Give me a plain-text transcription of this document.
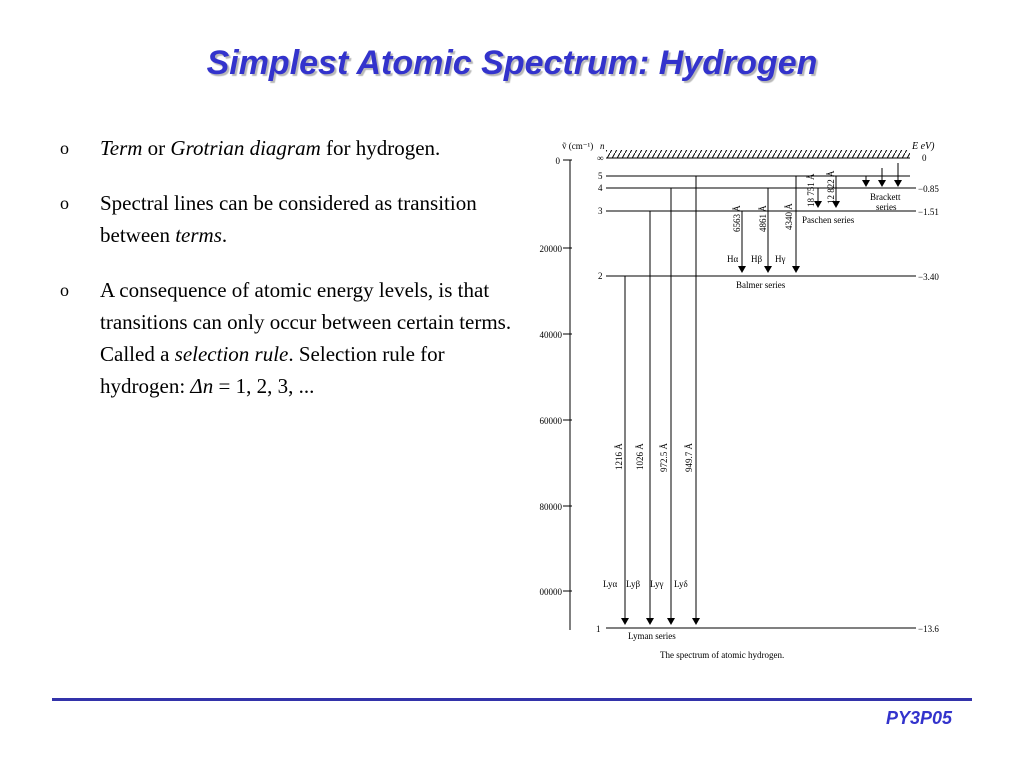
Simplest Atomic Spectrum: Hydrogen
o Term or Grotrian diagram for hydrogen.
o Spectral lines can be considered as transition between terms.
o A consequence of atomic energy levels, is that transitions can only occur between certain terms. Called a selection rule. Selection rule for hydrogen: Δn = 1, 2, 3, ...
ṽ (cm⁻¹) n	E eV)
0
20000
40000
60000
80000
00000
∞
5
4
3
2
1
0
−0.85
−1.51
−3.40
−13.6
1216 Å 1026 Å 972.5 Å 949.7 Å
Lyα Lyβ Lyγ Lyδ
Lyman series
6563 Å 4861 Å 4340 Å
Hα Hβ Hγ
Balmer series
18 751 Å 12 822 Å
Paschen series
Brackett
series
The spectrum of atomic hydrogen.
PY3P05
